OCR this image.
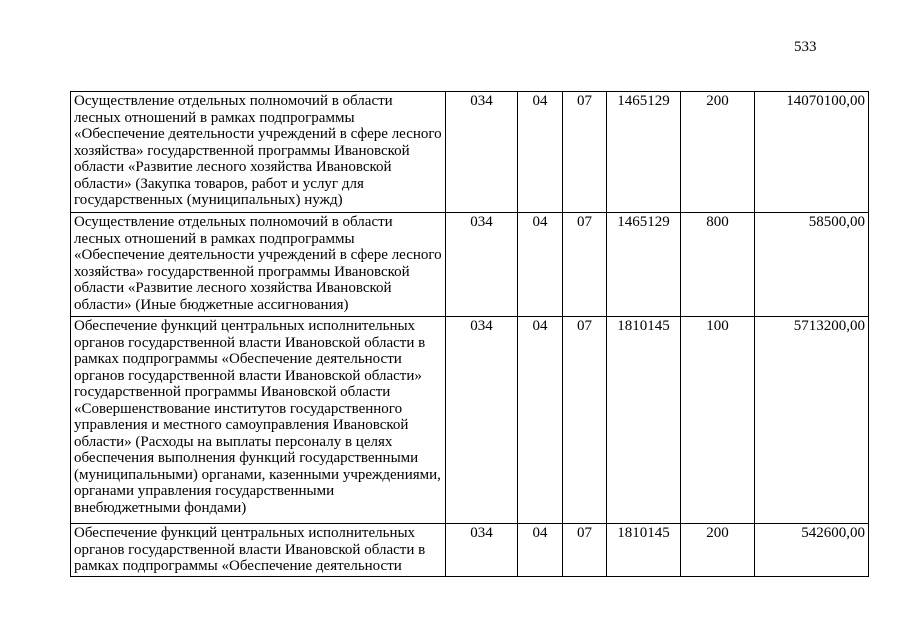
533
Осуществление отдельных полномочий в области лесных отношений в рамках подпрограммы «Обеспечение деятельности учреждений в сфере лесного хозяйства» государственной программы Ивановской области «Развитие лесного хозяйства Ивановской области» (Закупка товаров, работ и услуг для государственных (муниципальных) нужд)	034	04	07	1465129	200	14070100,00
Осуществление отдельных полномочий в области лесных отношений в рамках подпрограммы «Обеспечение деятельности учреждений в сфере лесного хозяйства» государственной программы Ивановской области «Развитие лесного хозяйства Ивановской области» (Иные бюджетные ассигнования)	034	04	07	1465129	800	58500,00
Обеспечение функций центральных исполнительных органов государственной власти Ивановской области в рамках подпрограммы «Обеспечение деятельности органов государственной власти Ивановской области» государственной программы Ивановской области «Совершенствование институтов государственного управления и местного самоуправления Ивановской области» (Расходы на выплаты персоналу в целях обеспечения выполнения функций государственными (муниципальными) органами, казенными учреждениями, органами управления государственными внебюджетными фондами)	034	04	07	1810145	100	5713200,00
Обеспечение функций центральных исполнительных органов государственной власти Ивановской области в рамках подпрограммы «Обеспечение деятельности	034	04	07	1810145	200	542600,00
